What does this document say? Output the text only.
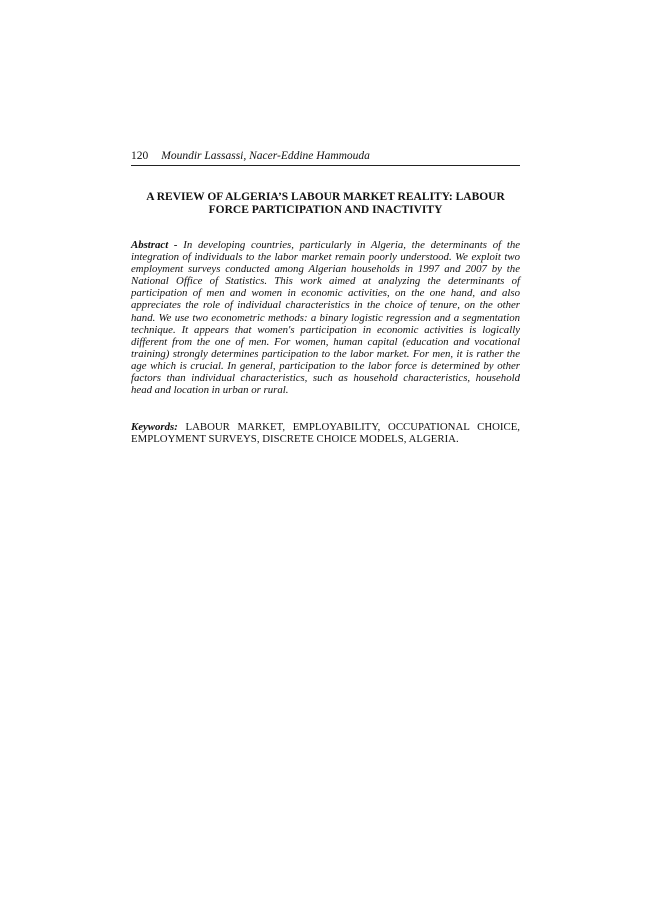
120 Moundir Lassassi, Nacer-Eddine Hammouda
A REVIEW OF ALGERIA’S LABOUR MARKET REALITY: LABOUR FORCE PARTICIPATION AND INACTIVITY

Abstract - In developing countries, particularly in Algeria, the determinants of the integration of individuals to the labor market remain poorly understood. We exploit two employment surveys conducted among Algerian households in 1997 and 2007 by the National Office of Statistics. This work aimed at analyzing the determinants of participation of men and women in economic activities, on the one hand, and also appreciates the role of individual characteristics in the choice of tenure, on the other hand. We use two econometric methods: a binary logistic regression and a segmentation technique. It appears that women's participation in economic activities is logically different from the one of men. For women, human capital (education and vocational training) strongly determines participation to the labor market. For men, it is rather the age which is crucial. In general, participation to the labor force is determined by other factors than individual characteristics, such as household characteristics, household head and location in urban or rural.

Keywords: LABOUR MARKET, EMPLOYABILITY, OCCUPATIONAL CHOICE, EMPLOYMENT SURVEYS, DISCRETE CHOICE MODELS, ALGERIA.
